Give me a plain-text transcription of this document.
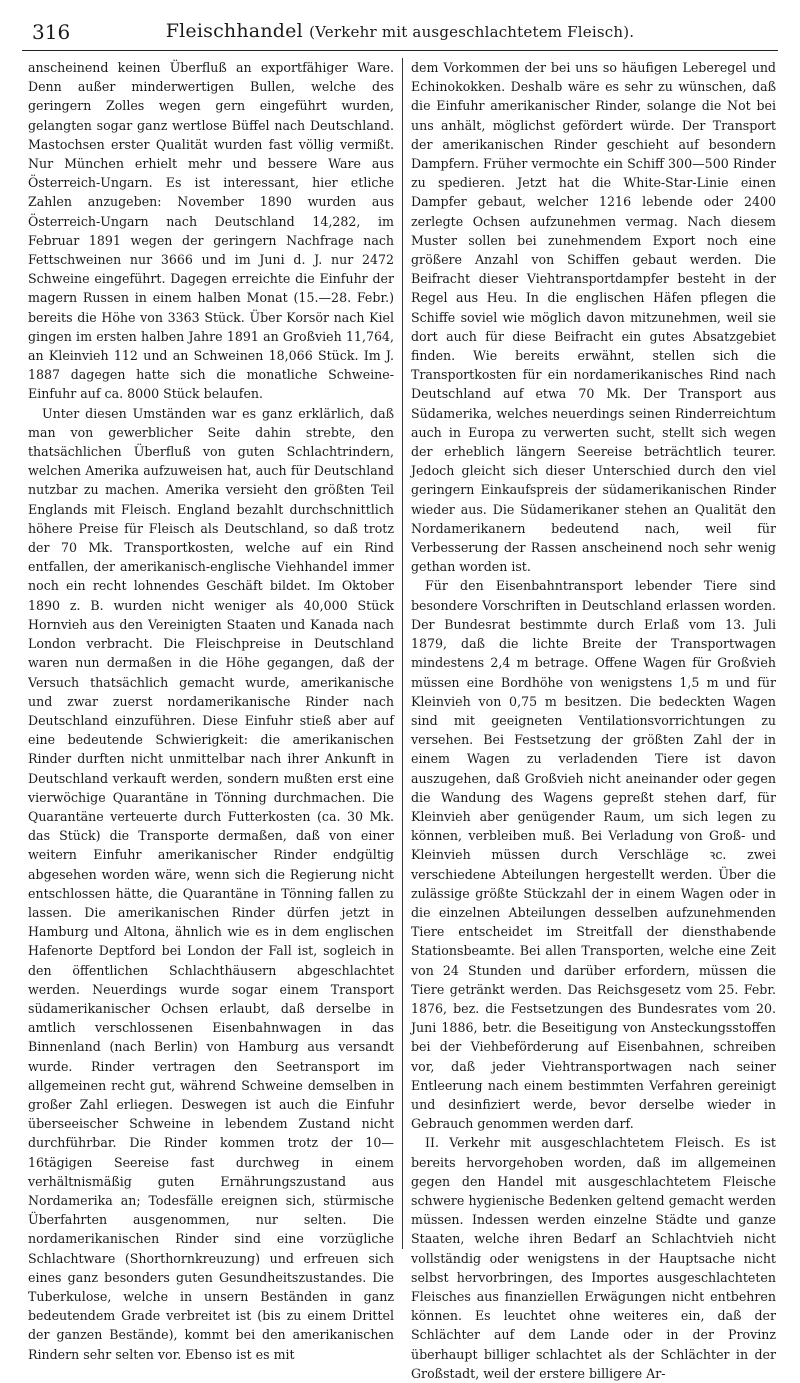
316	Fleischhandel (Verkehr mit ausgeschlachtetem Fleisch).

anscheinend keinen Überfluß an exportfähiger Ware. Denn außer minderwertigen Bullen, welche des geringern Zolles wegen gern eingeführt wurden, gelangten sogar ganz wertlose Büffel nach Deutschland. Mastochsen erster Qualität wurden fast völlig vermißt. Nur München erhielt mehr und bessere Ware aus Österreich-Ungarn. Es ist interessant, hier etliche Zahlen anzugeben: November 1890 wurden aus Österreich-Ungarn nach Deutschland 14,282, im Februar 1891 wegen der geringern Nachfrage nach Fettschweinen nur 3666 und im Juni d. J. nur 2472 Schweine eingeführt. Dagegen erreichte die Einfuhr der magern Russen in einem halben Monat (15.—28. Febr.) bereits die Höhe von 3363 Stück. Über Korsör nach Kiel gingen im ersten halben Jahre 1891 an Großvieh 11,764, an Kleinvieh 112 und an Schweinen 18,066 Stück. Im J. 1887 dagegen hatte sich die monatliche Schweine-Einfuhr auf ca. 8000 Stück belaufen.

Unter diesen Umständen war es ganz erklärlich, daß man von gewerblicher Seite dahin strebte, den thatsächlichen Überfluß von guten Schlachtrindern, welchen Amerika aufzuweisen hat, auch für Deutschland nutzbar zu machen. Amerika versieht den größten Teil Englands mit Fleisch. England bezahlt durchschnittlich höhere Preise für Fleisch als Deutschland, so daß trotz der 70 Mk. Transportkosten, welche auf ein Rind entfallen, der amerikanisch-englische Viehhandel immer noch ein recht lohnendes Geschäft bildet. Im Oktober 1890 z. B. wurden nicht weniger als 40,000 Stück Hornvieh aus den Vereinigten Staaten und Kanada nach London verbracht. Die Fleischpreise in Deutschland waren nun dermaßen in die Höhe gegangen, daß der Versuch thatsächlich gemacht wurde, amerikanische und zwar zuerst nordamerikanische Rinder nach Deutschland einzuführen. Diese Einfuhr stieß aber auf eine bedeutende Schwierigkeit: die amerikanischen Rinder durften nicht unmittelbar nach ihrer Ankunft in Deutschland verkauft werden, sondern mußten erst eine vierwöchige Quarantäne in Tönning durchmachen. Die Quarantäne verteuerte durch Futterkosten (ca. 30 Mk. das Stück) die Transporte dermaßen, daß von einer weitern Einfuhr amerikanischer Rinder endgültig abgesehen worden wäre, wenn sich die Regierung nicht entschlossen hätte, die Quarantäne in Tönning fallen zu lassen. Die amerikanischen Rinder dürfen jetzt in Hamburg und Altona, ähnlich wie es in dem englischen Hafenorte Deptford bei London der Fall ist, sogleich in den öffentlichen Schlachthäusern abgeschlachtet werden. Neuerdings wurde sogar einem Transport südamerikanischer Ochsen erlaubt, daß derselbe in amtlich verschlossenen Eisenbahnwagen in das Binnenland (nach Berlin) von Hamburg aus versandt wurde. Rinder vertragen den Seetransport im allgemeinen recht gut, während Schweine demselben in großer Zahl erliegen. Deswegen ist auch die Einfuhr überseeischer Schweine in lebendem Zustand nicht durchführbar. Die Rinder kommen trotz der 10—16tägigen Seereise fast durchweg in einem verhältnismäßig guten Ernährungszustand aus Nordamerika an; Todesfälle ereignen sich, stürmische Überfahrten ausgenommen, nur selten. Die nordamerikanischen Rinder sind eine vorzügliche Schlachtware (Shorthornkreuzung) und erfreuen sich eines ganz besonders guten Gesundheitszustandes. Die Tuberkulose, welche in unsern Beständen in ganz bedeutendem Grade verbreitet ist (bis zu einem Drittel der ganzen Bestände), kommt bei den amerikanischen Rindern sehr selten vor. Ebenso ist es mit

dem Vorkommen der bei uns so häufigen Leberegel und Echinokokken. Deshalb wäre es sehr zu wünschen, daß die Einfuhr amerikanischer Rinder, solange die Not bei uns anhält, möglichst gefördert würde. Der Transport der amerikanischen Rinder geschieht auf besondern Dampfern. Früher vermochte ein Schiff 300—500 Rinder zu spedieren. Jetzt hat die White-Star-Linie einen Dampfer gebaut, welcher 1216 lebende oder 2400 zerlegte Ochsen aufzunehmen vermag. Nach diesem Muster sollen bei zunehmendem Export noch eine größere Anzahl von Schiffen gebaut werden. Die Beifracht dieser Viehtransportdampfer besteht in der Regel aus Heu. In die englischen Häfen pflegen die Schiffe soviel wie möglich davon mitzunehmen, weil sie dort auch für diese Beifracht ein gutes Absatzgebiet finden. Wie bereits erwähnt, stellen sich die Transportkosten für ein nordamerikanisches Rind nach Deutschland auf etwa 70 Mk. Der Transport aus Südamerika, welches neuerdings seinen Rinderreichtum auch in Europa zu verwerten sucht, stellt sich wegen der erheblich längern Seereise beträchtlich teurer. Jedoch gleicht sich dieser Unterschied durch den viel geringern Einkaufspreis der südamerikanischen Rinder wieder aus. Die Südamerikaner stehen an Qualität den Nordamerikanern bedeutend nach, weil für Verbesserung der Rassen anscheinend noch sehr wenig gethan worden ist.

Für den Eisenbahntransport lebender Tiere sind besondere Vorschriften in Deutschland erlassen worden. Der Bundesrat bestimmte durch Erlaß vom 13. Juli 1879, daß die lichte Breite der Transportwagen mindestens 2,4 m betrage. Offene Wagen für Großvieh müssen eine Bordhöhe von wenigstens 1,5 m und für Kleinvieh von 0,75 m besitzen. Die bedeckten Wagen sind mit geeigneten Ventilationsvorrichtungen zu versehen. Bei Festsetzung der größten Zahl der in einem Wagen zu verladenden Tiere ist davon auszugehen, daß Großvieh nicht aneinander oder gegen die Wandung des Wagens gepreßt stehen darf, für Kleinvieh aber genügender Raum, um sich legen zu können, verbleiben muß. Bei Verladung von Groß- und Kleinvieh müssen durch Verschläge ꝛc. zwei verschiedene Abteilungen hergestellt werden. Über die zulässige größte Stückzahl der in einem Wagen oder in die einzelnen Abteilungen desselben aufzunehmenden Tiere entscheidet im Streitfall der diensthabende Stationsbeamte. Bei allen Transporten, welche eine Zeit von 24 Stunden und darüber erfordern, müssen die Tiere getränkt werden. Das Reichsgesetz vom 25. Febr. 1876, bez. die Festsetzungen des Bundesrates vom 20. Juni 1886, betr. die Beseitigung von Ansteckungsstoffen bei der Viehbeförderung auf Eisenbahnen, schreiben vor, daß jeder Viehtransportwagen nach seiner Entleerung nach einem bestimmten Verfahren gereinigt und desinfiziert werde, bevor derselbe wieder in Gebrauch genommen werden darf.

II. Verkehr mit ausgeschlachtetem Fleisch. Es ist bereits hervorgehoben worden, daß im allgemeinen gegen den Handel mit ausgeschlachtetem Fleische schwere hygienische Bedenken geltend gemacht werden müssen. Indessen werden einzelne Städte und ganze Staaten, welche ihren Bedarf an Schlachtvieh nicht vollständig oder wenigstens in der Hauptsache nicht selbst hervorbringen, des Importes ausgeschlachteten Fleisches aus finanziellen Erwägungen nicht entbehren können. Es leuchtet ohne weiteres ein, daß der Schlächter auf dem Lande oder in der Provinz überhaupt billiger schlachtet als der Schlächter in der Großstadt, weil der erstere billigere Ar-
